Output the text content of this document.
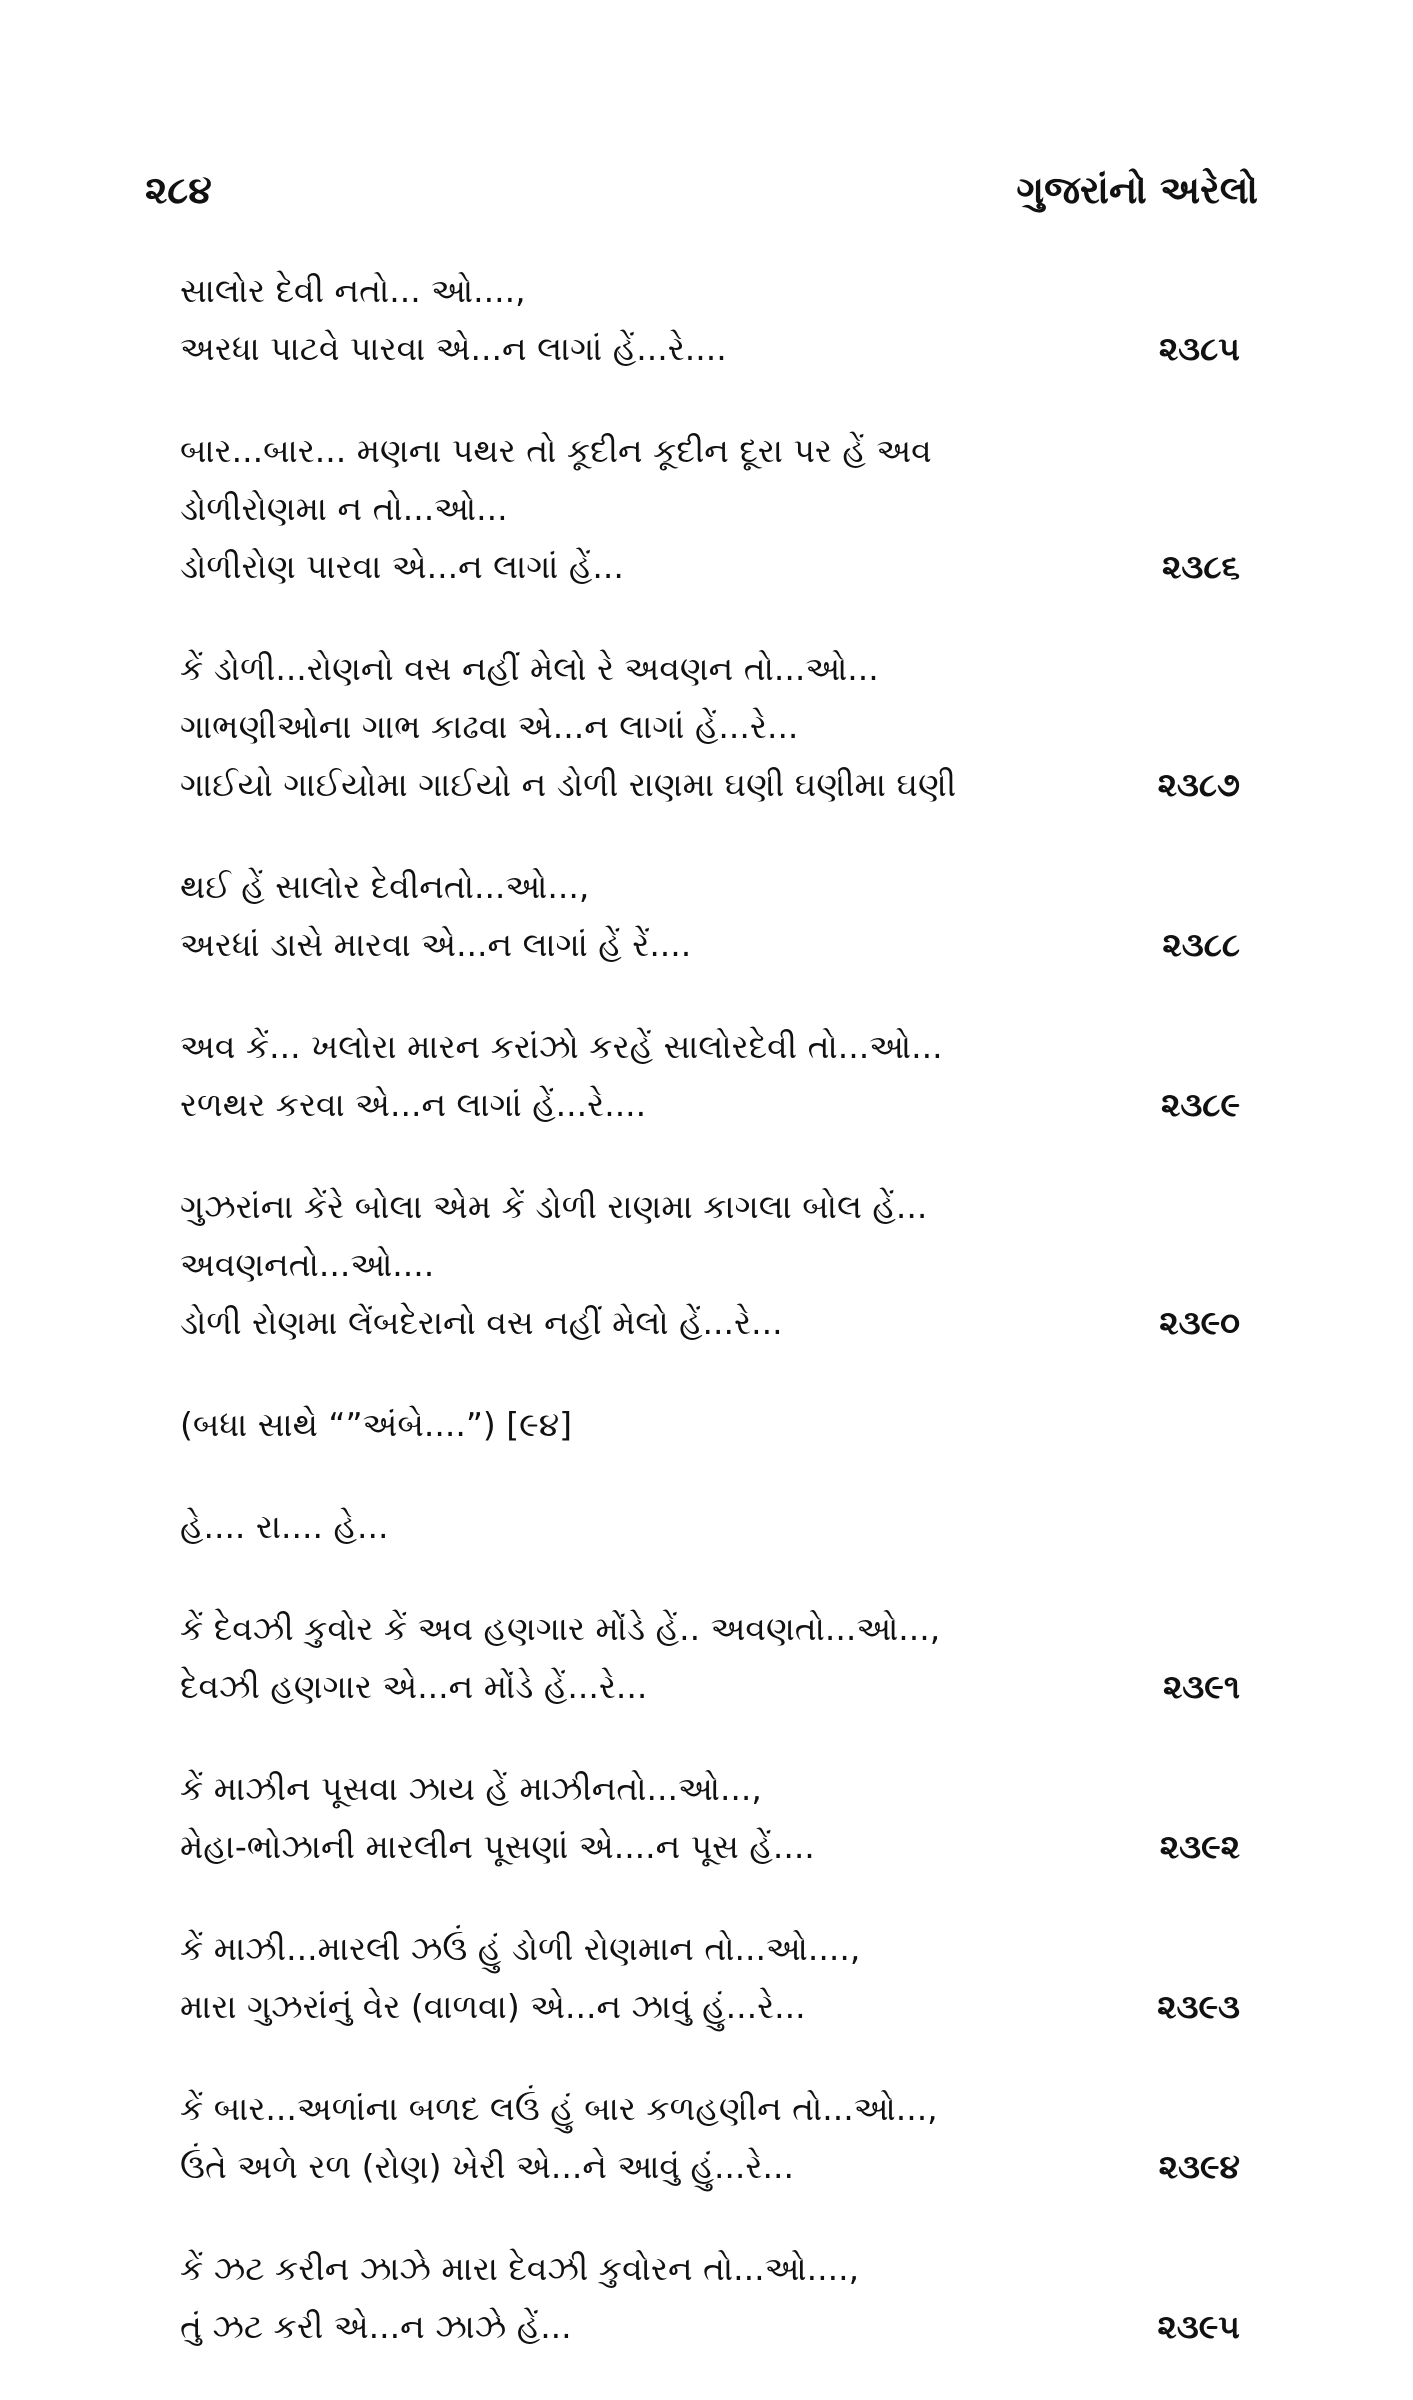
૨૮૪	ગુજરાંનો અરેલો
સાલોર દેવી નતો... ઓ....,
અરધા પાટવે પારવા એ...ન લાગાં હેં...રે....	૨૩૮૫
બાર...બાર... મણના પથર તો કૂદીન કૂદીન દૂરા પર હેં અવ
ડોળીરોણમા ન તો...ઓ...
ડોળીરોણ પારવા એ...ન લાગાં હેં...	૨૩૮૬
કેં ડોળી...રોણનો વસ નહીં મેલો રે અવણન તો...ઓ...
ગાભણીઓના ગાભ કાઢવા એ...ન લાગાં હેં...રે...
ગાઈયો ગાઈયોમા ગાઈયો ન ડોળી રાણમા ઘણી ઘણીમા ઘણી	૨૩૮૭
થઈ હેં સાલોર દેવીનતો...ઓ...,
અરધાં ડાસે મારવા એ...ન લાગાં હેં રેં....	૨૩૮૮
અવ કેં... ખલોરા મારન કરાંઝો કરહેં સાલોરદેવી તો...ઓ...
રળથર કરવા એ...ન લાગાં હેં...રે....	૨૩૮૯
ગુઝરાંના કેંરે બોલા એમ કેં ડોળી રાણમા કાગલા બોલ હેં...
અવણનતો...ઓ....
ડોળી રોણમા લેંબદેરાનો વસ નહીં મેલો હેં...રે...	૨૩૯૦
(બધા સાથે “”અંબે....”) [૯૪]
હે.... રા.... હે...
કેં દેવઝી કુવોર કેં અવ હણગાર મોંડે હેં.. અવણતો...ઓ...,
દેવઝી હણગાર એ...ન મોંડે હેં...રે...	૨૩૯૧
કેં માઝીન પૂસવા ઝાય હેં માઝીનતો...ઓ...,
મેહા-ભોઝાની મારલીન પૂસણાં એ....ન પૂસ હેં....	૨૩૯૨
કેં માઝી...મારલી ઝઉં હું ડોળી રોણમાન તો...ઓ....,
મારા ગુઝરાંનું વેર (વાળવા) એ...ન ઝાવું હું...રે...	૨૩૯૩
કેં બાર...અળાંના બળદ લઉં હું બાર કળહણીન તો...ઓ...,
ઉંતે અળે રળ (રોણ) ખેરી એ...ને આવું હું...રે...	૨૩૯૪
કેં ઝટ કરીન ઝાઝે મારા દેવઝી કુવોરન તો...ઓ....,
તું ઝટ કરી એ...ન ઝાઝે હેં...	૨૩૯૫
